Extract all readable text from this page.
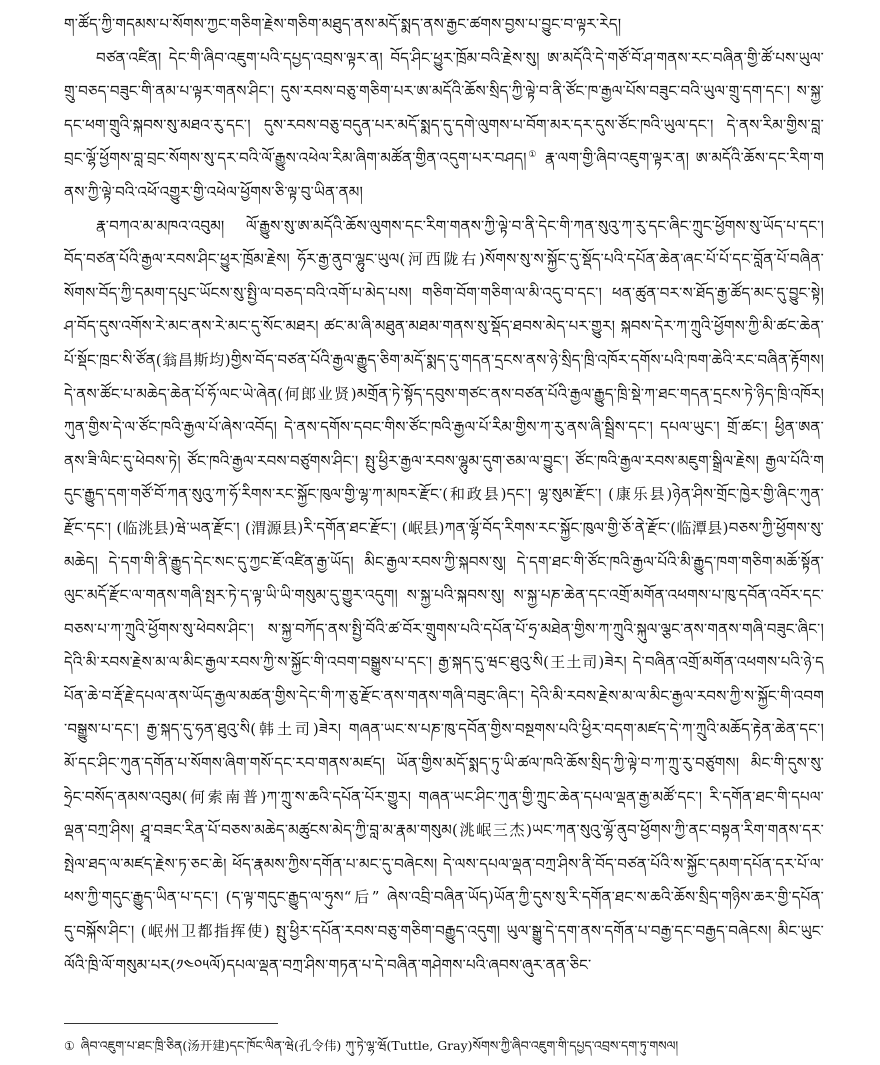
ག་ཚོད་ཀྱི་གདམས་པ་སོགས་ཀྱང་གཅིག་རྗེས་གཅིག་མཐུད་ནས་མདོ་སྨད་ནས་རྒྱང་ཚགས་བྱས་པ་བྱུང་བ་ལྟར་རེད།

བཙན་འཛིན། དེང་གི་ཞིབ་འཇུག་པའི་དཔྱད་འབྲས་ལྟར་ན། བོད་ཤིང་ཕྱུར་ཁྲོམ་བའི་རྗེས་སུ། ཨ་མདོའི་དེ་གཙོ་བོ་ཤ་གནས་རང་བཞིན་གྱི་ཚོ་པས་ཡུལ་གྲུ་བཅད་བཟུང་གི་ནམ་པ་ལྟར་གནས་ཤིང་། དུས་རབས་བཅུ་གཅིག་པར་ཨ་མདོའི་ཆོས་སྲིད་ཀྱི་ལྟེ་བ་ནི་ཙོང་ཁ་རྒྱལ་པོས་བཟུང་བའི་ཡུལ་གྲུ་དག་དང་། ས་སྐྱ་དང་ཕག་གྲུའི་སྐབས་སུ་མཐའ་རུ་དང་། དུས་རབས་བཅུ་བདུན་པར་མདོ་སྨད་དུ་དགེ་ལུགས་པ་བོག་མར་དར་དུས་ཙོང་ཁའི་ཡུལ་དང་། དེ་ནས་རིམ་གྱིས་བླ་བྲང་ལྷོ་ཕྱོགས་བླ་བྲང་སོགས་སུ་དར་བའི་ལོ་རྒྱུས་འཕེལ་རིམ་ཞིག་མཚོན་གྱིན་འདུག་པར་བཤད།① རྣ་ལག་གྱི་ཞིབ་འཇུག་ལྟར་ན། ཨ་མདོའི་ཆོས་དང་རིག་གནས་ཀྱི་ལྟེ་བའི་འཕོ་འགྱུར་གྱི་འཕེལ་ཕྱོགས་ཅི་ལྟ་བུ་ཡིན་ནམ།

རྣ་བཀའ་མ་མཁའ་འབུམ། ལོ་རྒྱུས་སུ་ཨ་མདོའི་ཆོས་ལུགས་དང་རིག་གནས་ཀྱི་ལྟེ་བ་ནི་དེང་གི་ཀན་སུའུ་ཀ་རུ་དང་ཞིང་ཀྲུང་ཕྱོགས་སུ་ཡོད་པ་དང་། བོད་བཙན་པོའི་རྒྱལ་རབས་ཤིང་ཕྱུར་ཁྲོམ་རྗེས། ཧོར་རྒྱ་ནུབ་ལྷུང་ཡུལ(河西陇右)སོགས་སུ་ས་སྐྱོང་དུ་སྡོད་པའི་དཔོན་ཆེན་ཞང་པོ་པོ་དང་བློན་པོ་བཞིན་སོགས་བོད་ཀྱི་དམག་དཔུང་ཡོངས་སུ་སྤྱི་ལ་བཅད་བའི་འགོ་པ་མེད་པས། གཅིག་བོག་གཅིག་ལ་མི་འདུ་བ་དང་། ཕན་ཚུན་བར་ས་ཐོད་རྒྱ་ཚོད་མང་དུ་བྱུང་སྟེ། ཤ་བོད་དུས་འགོས་རེ་མང་ནས་རེ་མང་དུ་སོང་མཐར། ཚང་མ་ཞི་མཐུན་མཐམ་གནས་སུ་སྡོད་ཐབས་མེད་པར་གྱུར། སྐབས་དེར་ཀ་ཀྲུའི་ཕྱོགས་ཀྱི་མི་ཚང་ཆེན་པོ་སྡོང་ཁྲང་སི་ཙོན(翁昌斯均)གྱིས་བོད་བཙན་པོའི་རྒྱལ་རྒྱུད་ཅིག་མདོ་སྨད་དུ་གདན་དྲངས་ནས་ཉེ་སྲིད་ཁྲི་འཁོར་དགོས་པའི་ཁག་ཆེའི་རང་བཞིན་རྟོགས། དེ་ནས་ཚོང་པ་མཆེད་ཆེན་པོ་ཧོ་ལང་ཡེ་ཞེན(何郎业贤)མགྲོན་ཏེ་སྟོད་དབུས་གཙང་ནས་བཙན་པོའི་རྒྱལ་རྒྱུད་ཁྲི་སྡེ་ཀ་ཐང་གདན་དྲངས་ཏེ་ཉིད་ཁྲི་འཁོར། ཀུན་གྱིས་དེ་ལ་ཙོང་ཁའི་རྒྱལ་པོ་ཞེས་འབོད། དེ་ནས་དགོས་དབང་གིས་ཙོང་ཁའི་རྒྱལ་པོ་རིམ་གྱིས་ཀ་རུ་ནས་ཞི་སྦྲིས་དང་། དཔལ་ཡུང་། གྲོ་ཚང་། ཕྱིན་ཨན་ནས་ཟི་ལིང་དུ་ཕེབས་ཏེ། ཙོང་ཁའི་རྒྱལ་རབས་བཙུགས་ཤིང་། སྤུ་ཕྱིར་རྒྱལ་རབས་ལྷུམ་དུག་ཅམ་ལ་བྱུང་། ཙོང་ཁའི་རྒྱལ་རབས་མཇུག་སྒྲིལ་རྗེས། རྒྱལ་པོའི་གདུང་རྒྱུད་དག་གཙོ་བོ་ཀན་སུའུ་ཀ་ཧོ་རིགས་རང་སྐྱོང་ཁུལ་གྱི་ལྷ་ཀ་མཁར་རྫོང་(和政县)དང་། ལྷ་སུམ་རྫོང་། (康乐县)ཉེན་ཤིས་གྲོང་ཁྱེར་གྱི་ཞིང་ཀུན་རྫོང་དང་། (临洮县)ཝེ་ཡན་རྫོང་། (渭源县)རི་དགོན་ཐང་རྫོང་། (岷县)ཀན་ལྷོ་བོད་རིགས་རང་སྐྱོང་ཁུལ་གྱི་ཅོ་ནེ་རྫོང་(临潭县)བཅས་ཀྱི་ཕྱོགས་སུ་མཆེད། དེ་དག་གི་ནི་རྒྱུད་དེང་སང་དུ་ཀྱང་ཇོ་འཛིན་རྒྱ་ཡོད། མིང་རྒྱལ་རབས་ཀྱི་སྐབས་སུ། དེ་དག་ཐང་གི་ཙོང་ཁའི་རྒྱལ་པོའི་མི་རྒྱུད་ཁག་གཅིག་མཆོ་སྟོན་ལུང་མདོ་རྫོང་ལ་གནས་གཞི་སྤར་ཏེ་ད་ལྟ་ཡི་ཡི་གསུམ་དུ་གྱུར་འདུག། ས་སྐྱ་པའི་སྐབས་སུ། ས་སྐྱ་པཎ་ཆེན་དང་འགྲོ་མགོན་འཕགས་པ་ཁུ་དབོན་འབོར་དང་བཅས་པ་ཀ་ཀྲུའི་ཕྱོགས་སུ་ཕེབས་ཤིང་། ས་སྐྱ་བཀོད་ནས་སྤྱི་བོའི་ཚ་བོར་གྲུགས་པའི་དཔོན་པོ་ཧྲ་མཐེན་གྱིས་ཀ་ཀྲུའི་སྐུལ་ལྕང་ནས་གནས་གཞི་བཟུང་ཞིང་། དེའི་མི་རབས་རྗེས་མ་ལ་མིང་རྒྱལ་རབས་ཀྱི་ས་སྐྱོང་གི་འབག་བསྒྱུས་པ་དང་། རྒྱ་སྐད་དུ་ཝང་ཐུའུ་སི(王土司)ཟེར། དེ་བཞིན་འགྲོ་མགོན་འཕགས་པའི་ཉེ་དཔོན་ཆེ་བ་རྡོ་རྗེ་དཔལ་ནས་ཡོད་རྒྱལ་མཚན་གྱིས་དེང་གི་ཀ་ཅུ་རྫོང་ནས་གནས་གཞི་བཟུང་ཞིང་། དེའི་མི་རབས་རྗེས་མ་ལ་མིང་རྒྱལ་རབས་ཀྱི་ས་སྐྱོང་གི་འབག་བསྒྱུས་པ་དང་། རྒྱ་སྐད་དུ་ཧན་ཐུའུ་སི(韩土司)ཟེར། གཞན་ཡང་ས་པཎ་ཁུ་དབོན་གྱིས་བསྔགས་པའི་ཕྱིར་བདག་མཛད་དེ་ཀ་ཀྲུའི་མཆོད་རྟེན་ཆེན་དང་། མོ་དང་ཤིང་ཀུན་དགོན་པ་སོགས་ཞིག་གསོ་དང་རབ་གནས་མཛད། ཡོན་གྱིས་མདོ་སྨད་ཏུ་ཡི་ཚལ་ཁའི་ཆོས་སྲིད་ཀྱི་ལྟེ་བ་ཀ་ཀྲུ་རུ་བཙུགས། མིང་གི་དུས་སུ་ཧྲེང་བསོད་ནམས་འབུམ(何索南普)ཀ་ཀྲུ་ས་ཆའི་དཔོན་པོར་གྱུར། གཞན་ཡང་ཤིང་ཀུན་གྱི་ཀྲུང་ཆེན་དཔལ་ལྡན་རྒྱ་མཚོ་དང་། རི་དགོན་ཐང་གི་དཔལ་ལྡན་བཀྲ་ཤིས། ཤྲཱ་བཟང་རིན་པོ་བཅས་མཆེད་མཚུངས་མེད་ཀྱི་བླ་མ་རྣམ་གསུམ(洮岷三杰)ཡང་ཀན་སུའུ་ལྷོ་ནུབ་ཕྱོགས་ཀྱི་ནང་བསྟན་རིག་གནས་དར་སྤེལ་ཐད་ལ་མཛད་རྗེས་ཏ་ཅང་ཆེ། ཕོད་རྣམས་ཀྱིས་དགོན་པ་མང་དུ་བཞེངས། དེ་ལས་དཔལ་ལྡན་བཀྲ་ཤིས་ནི་བོད་བཙན་པོའི་ས་སྐྱོང་དམག་དཔོན་དར་པོ་ལ་ཕས་ཀྱི་གདུང་རྒྱུད་ཡིན་པ་དང་། (ད་ལྟ་གདུང་རྒྱུད་ལ་ཧུས“后” ཞེས་འབྲི་བཞིན་ཡོད)ཡོན་ཀྱི་དུས་སུ་རི་དགོན་ཐང་ས་ཆའི་ཆོས་སྲིད་གཉིས་ཆར་གྱི་དཔོན་དུ་བསྐོས་ཤིང་། (岷州卫都指挥使) སྤུ་ཕྱིར་དཔོན་རབས་བཅུ་གཅིག་བརྒྱུད་འདུག། ཡུལ་སྒྱུ་དེ་དག་ནས་དགོན་པ་བརྒྱ་དང་བརྒྱད་བཞེངས། མིང་ཡུང་ལོའི་ཁྲི་ལོ་གསུམ་པར(༡༤༠༥ལོ)དཔལ་ལྡན་བཀྲ་ཤིས་གཏན་པ་དེ་བཞིན་གཤེགས་པའི་ཞབས་ཞུར་ནན་ཅིང་

① ཞིབ་འཇུག་པ་ཐང་ཁྲི་ཅིན(汤开建)དང་ཁོང་ལིན་ཝེ(孔令伟) ཀུ་ཏེ་ལྷ་ཝོ(Tuttle, Gray)སོགས་ཀྱི་ཞིབ་འཇུག་གི་དཔྱད་འབྲས་དག་ཏུ་གསལ།
